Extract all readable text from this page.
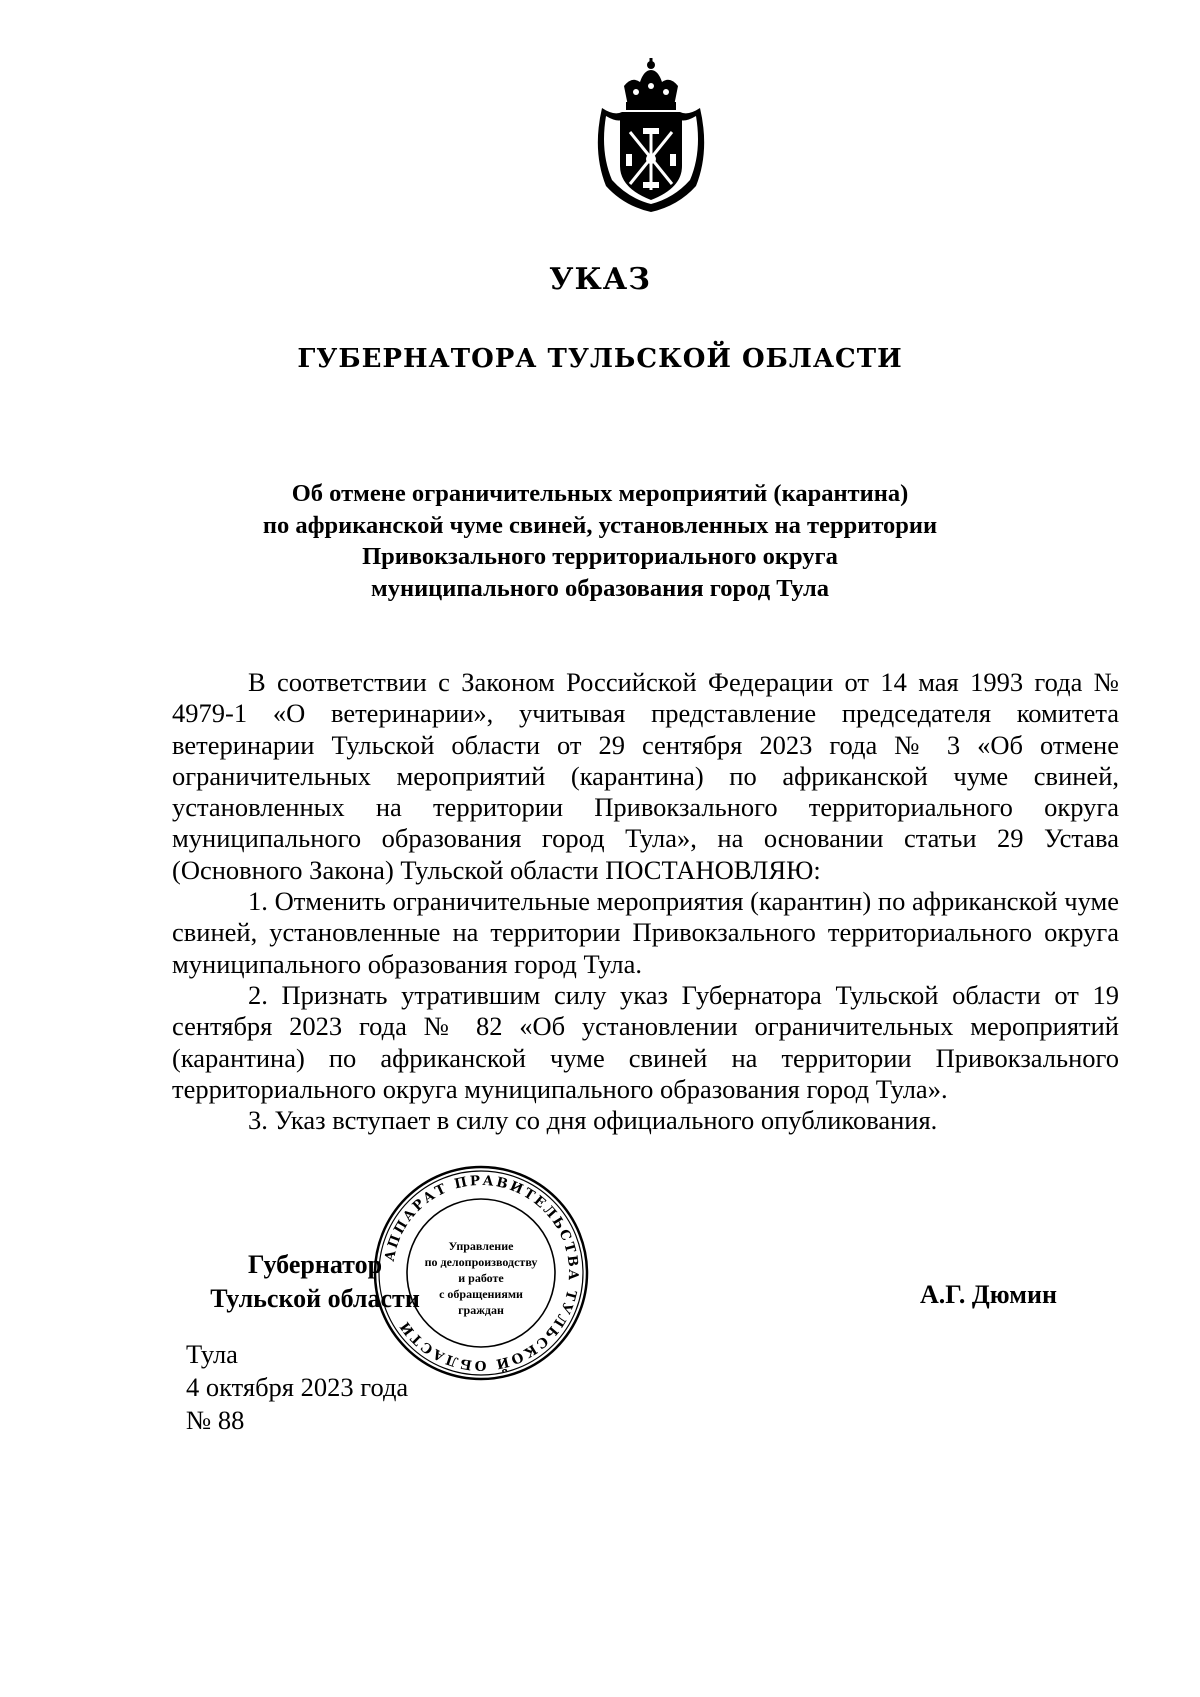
УКАЗ
ГУБЕРНАТОРА ТУЛЬСКОЙ ОБЛАСТИ
Об отмене ограничительных мероприятий (карантина)
по африканской чуме свиней, установленных на территории
Привокзального территориального округа
муниципального образования город Тула

В соответствии с Законом Российской Федерации от 14 мая 1993 года № 4979-1 «О ветеринарии», учитывая представление председателя комитета ветеринарии Тульской области от 29 сентября 2023 года № 3 «Об отмене ограничительных мероприятий (карантина) по африканской чуме свиней, установленных на территории Привокзального территориального округа муниципального образования город Тула», на основании статьи 29 Устава (Основного Закона) Тульской области ПОСТАНОВЛЯЮ:

1. Отменить ограничительные мероприятия (карантин) по африканской чуме свиней, установленные на территории Привокзального территориального округа муниципального образования город Тула.

2. Признать утратившим силу указ Губернатора Тульской области от 19 сентября 2023 года № 82 «Об установлении ограничительных мероприятий (карантина) по африканской чуме свиней на территории Привокзального территориального округа муниципального образования город Тула».

3. Указ вступает в силу со дня официального опубликования.

Губернатор
Тульской области
АППАРАТ ПРАВИТЕЛЬСТВА ТУЛЬСКОЙ ОБЛАСТИ
Управление
по делопроизводству
и работе
с обращениями
граждан
А.Г. Дюмин
Тула
4 октября 2023 года
№ 88
